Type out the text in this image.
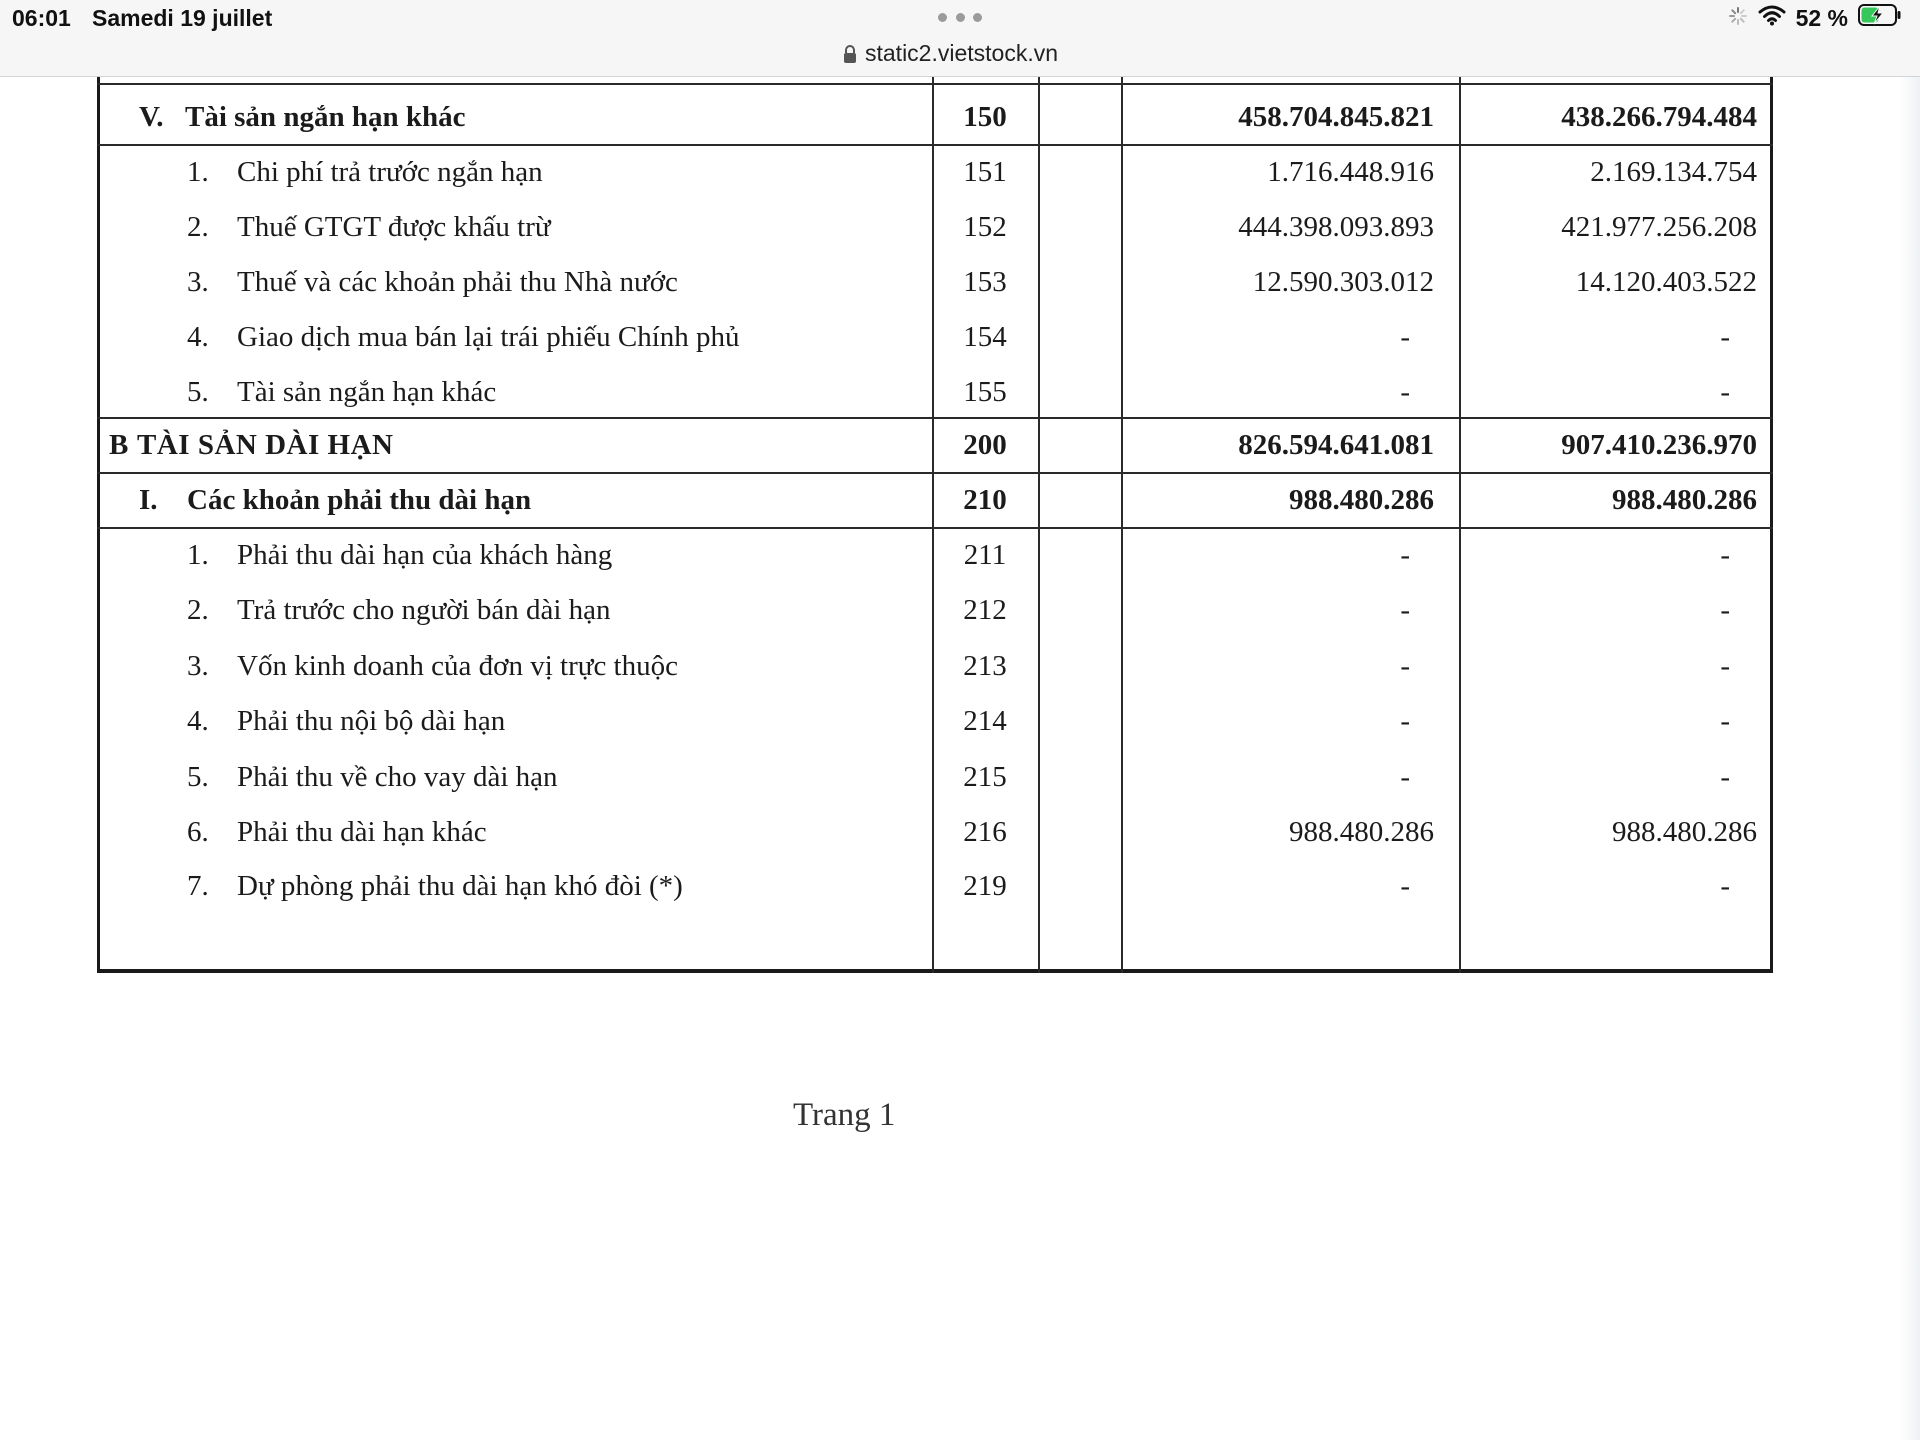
06:01 Samedi 19 juillet
static2.vietstock.vn
52 %
V. Tài sản ngắn hạn khác	150	458.704.845.821	438.266.794.484
1. Chi phí trả trước ngắn hạn	151	1.716.448.916	2.169.134.754
2. Thuế GTGT được khấu trừ	152	444.398.093.893	421.977.256.208
3. Thuế và các khoản phải thu Nhà nước	153	12.590.303.012	14.120.403.522
4. Giao dịch mua bán lại trái phiếu Chính phủ	154	-	-
5. Tài sản ngắn hạn khác	155	-	-
B TÀI SẢN DÀI HẠN	200	826.594.641.081	907.410.236.970
I. Các khoản phải thu dài hạn	210	988.480.286	988.480.286
1. Phải thu dài hạn của khách hàng	211	-	-
2. Trả trước cho người bán dài hạn	212	-	-
3. Vốn kinh doanh của đơn vị trực thuộc	213	-	-
4. Phải thu nội bộ dài hạn	214	-	-
5. Phải thu về cho vay dài hạn	215	-	-
6. Phải thu dài hạn khác	216	988.480.286	988.480.286
7. Dự phòng phải thu dài hạn khó đòi (*)	219	-	-
Trang 1
